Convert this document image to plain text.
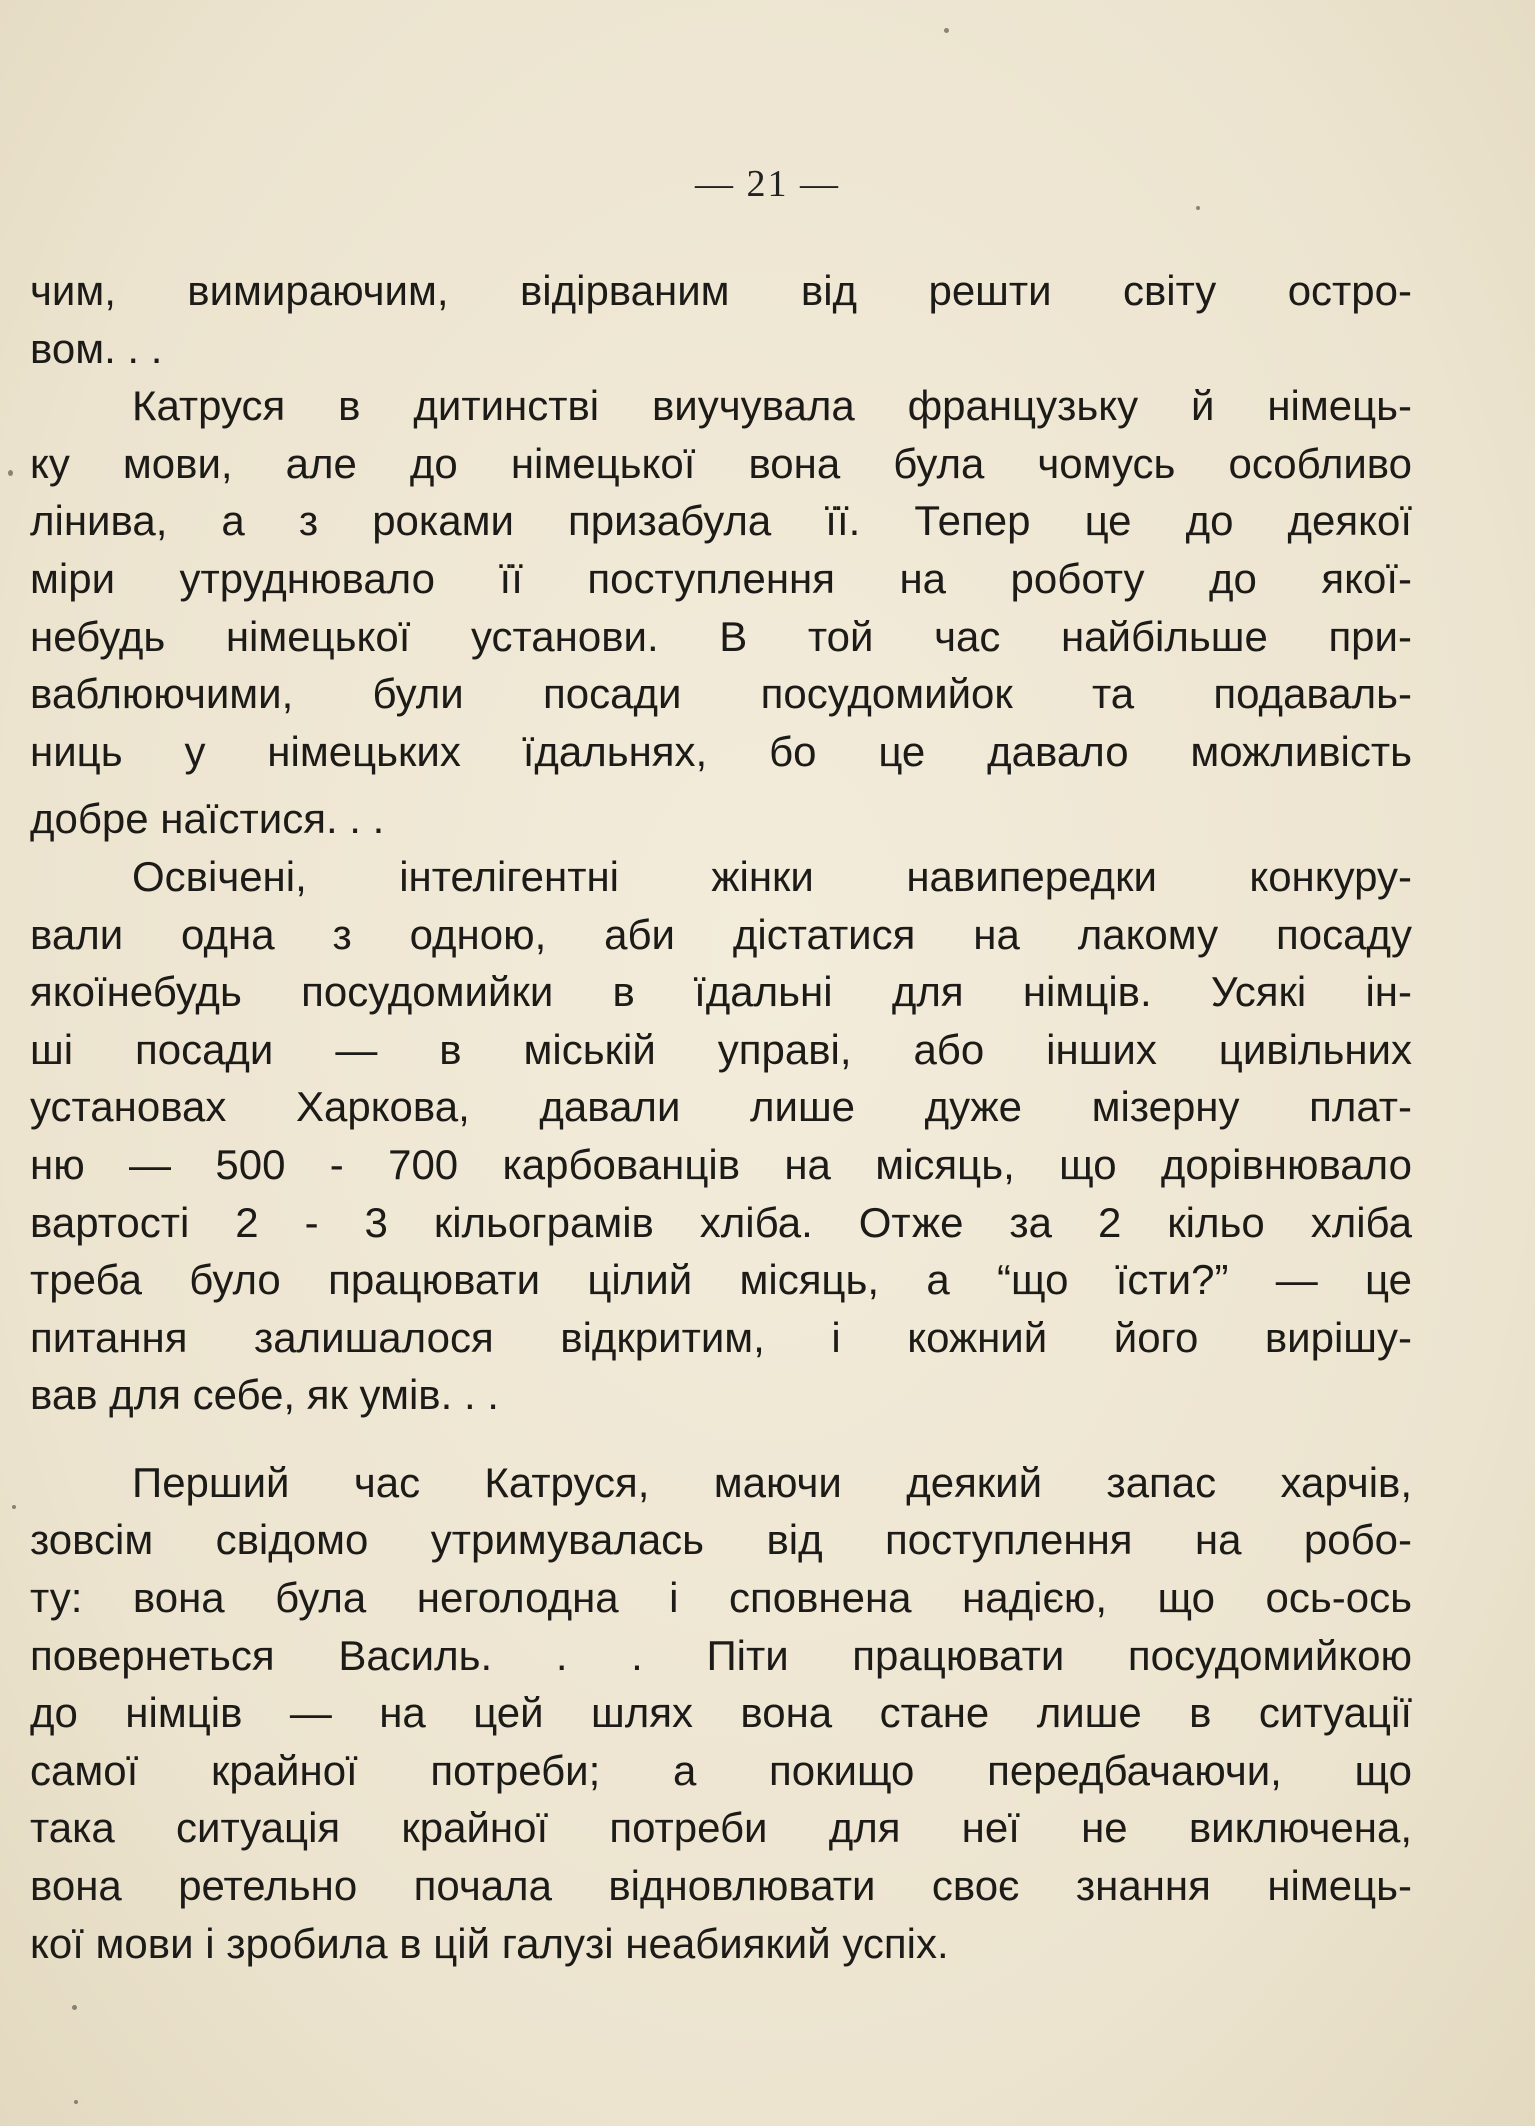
— 21 —
чим, вимираючим, відірваним від решти світу остро-
вом. . .
Катруся в дитинстві виучувала французьку й німець-
ку мови, але до німецької вона була чомусь особливо
лінива, а з роками призабула її. Тепер це до деякої
міри утруднювало її поступлення на роботу до якої-
небудь німецької установи. В той час найбільше при-
ваблюючими, були посади посудомийок та подаваль-
ниць у німецьких їдальнях, бо це давало можливість
добре наїстися. . .
Освічені, інтелігентні жінки навипередки конкуру-
вали одна з одною, аби дістатися на лакому посаду
якоїнебудь посудомийки в їдальні для німців. Усякі ін-
ші посади — в міській управі, або інших цивільних
установах Харкова, давали лише дуже мізерну плат-
ню — 500 - 700 карбованців на місяць, що дорівнювало
вартості 2 - 3 кільограмів хліба. Отже за 2 кільо хліба
треба було працювати цілий місяць, а “що їсти?” — це
питання залишалося відкритим, і кожний його вирішу-
вав для себе, як умів. . .
Перший час Катруся, маючи деякий запас харчів,
зовсім свідомо утримувалась від поступлення на робо-
ту: вона була неголодна і сповнена надією, що ось-ось
повернеться Василь. . . Піти працювати посудомийкою
до німців — на цей шлях вона стане лише в ситуації
самої крайної потреби; а покищо передбачаючи, що
така ситуація крайної потреби для неї не виключена,
вона ретельно почала відновлювати своє знання німець-
кої мови і зробила в цій галузі неабиякий успіх.
